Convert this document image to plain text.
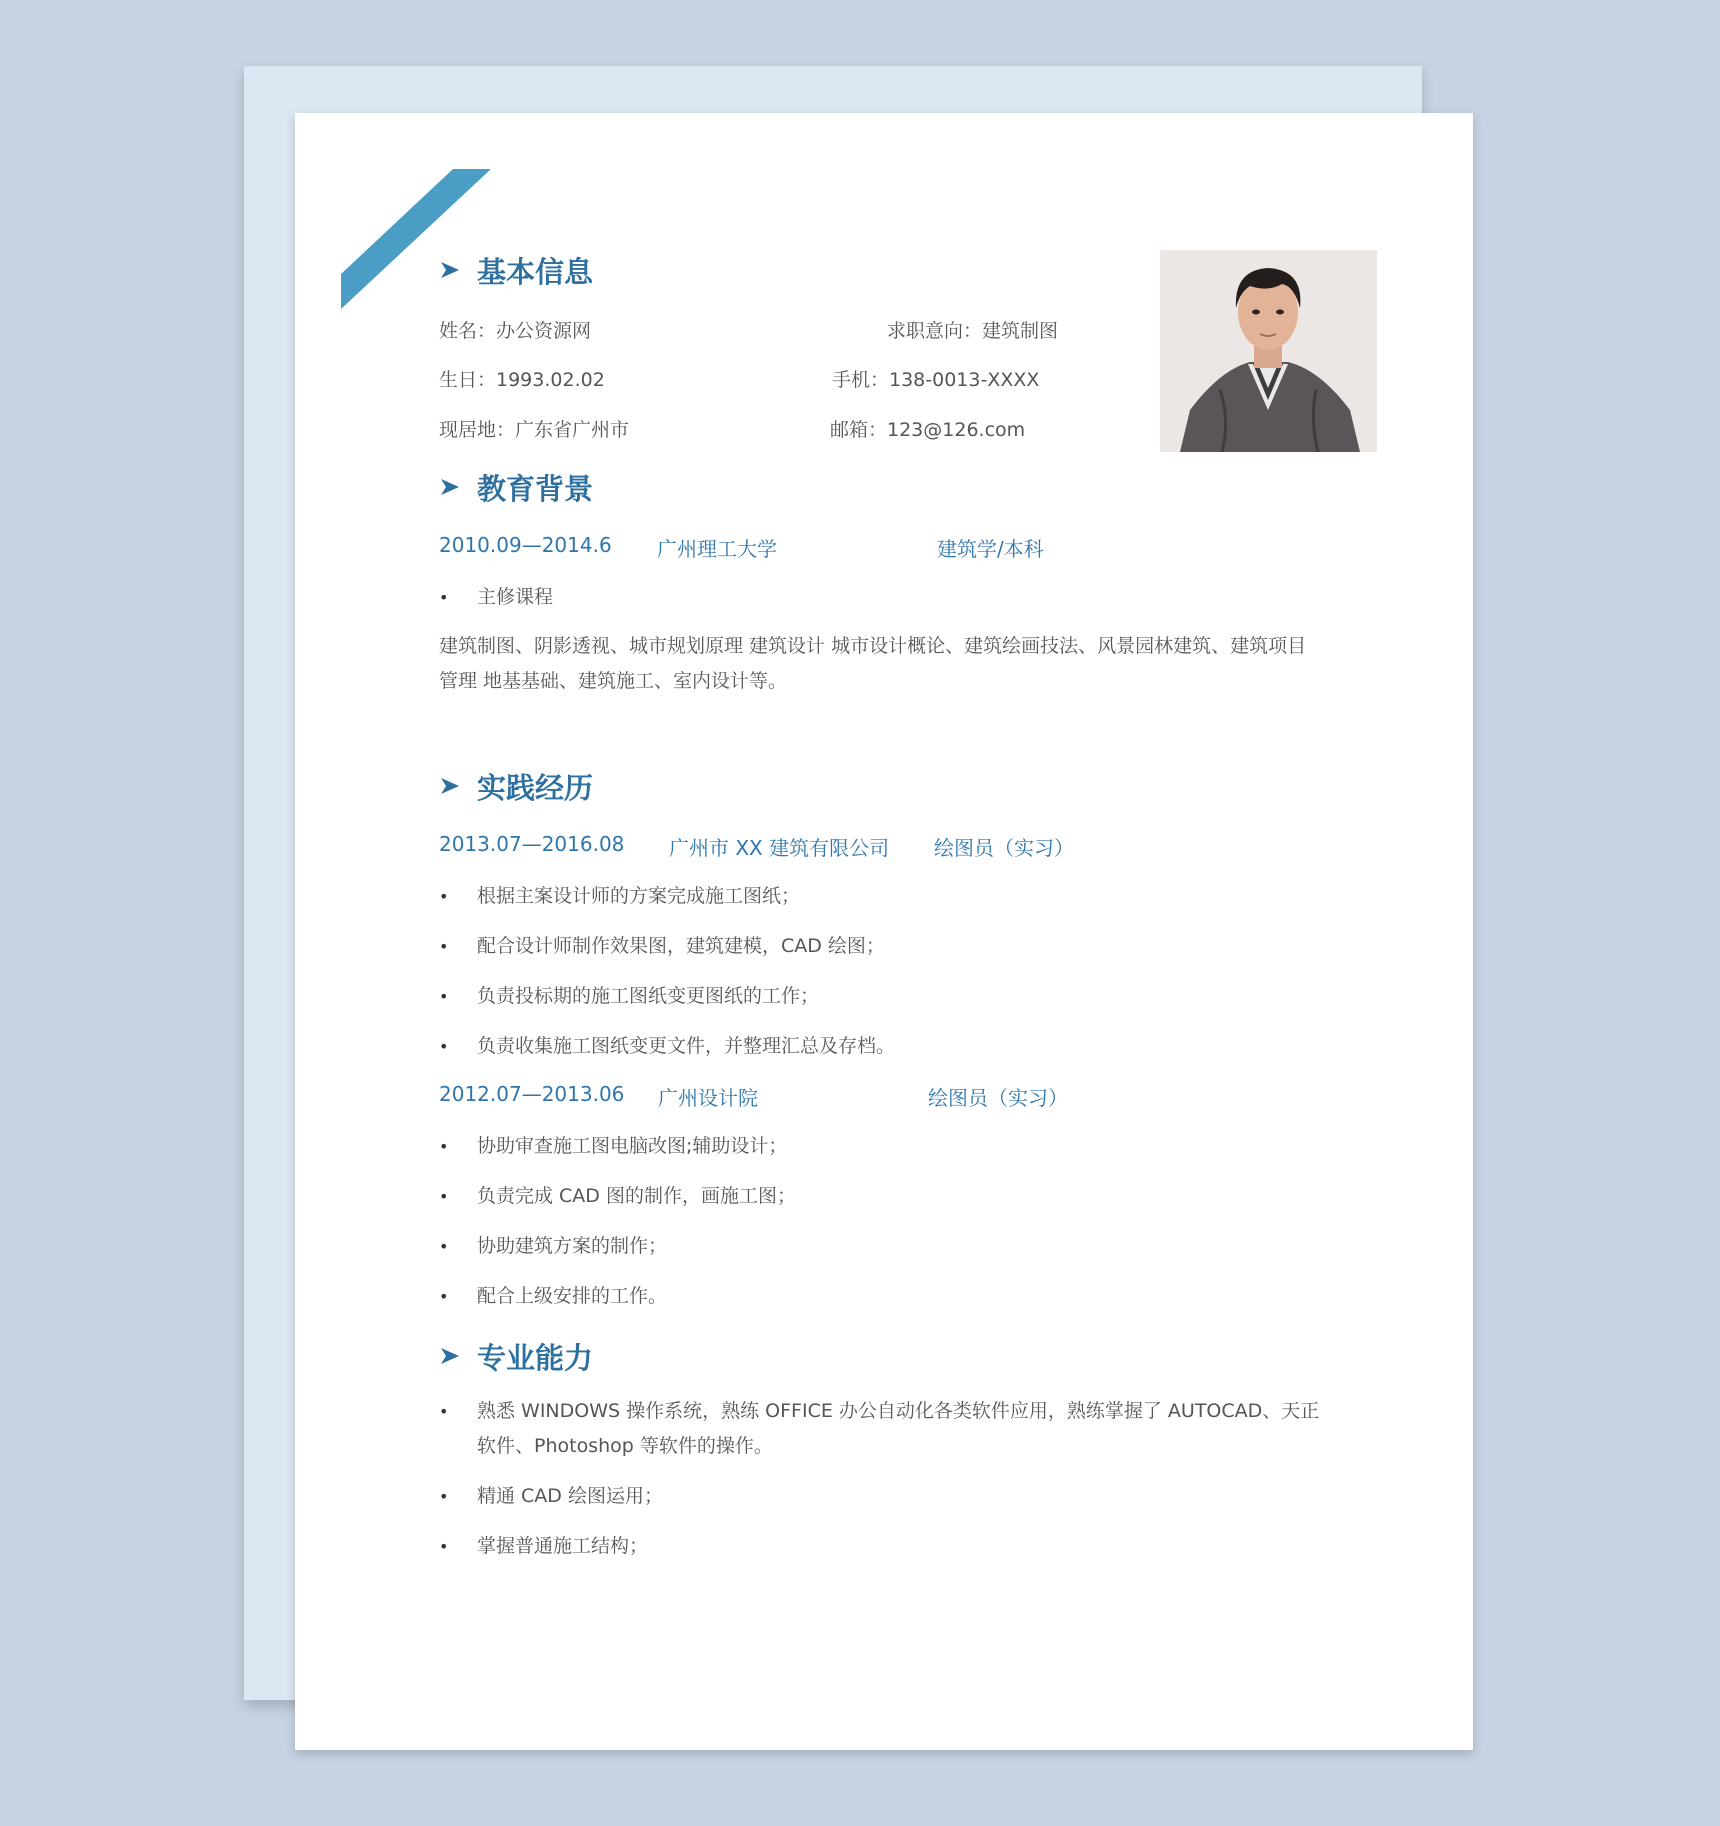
基本信息
姓名：办公资源网	求职意向：建筑制图
生日：1993.02.02	手机：138-0013-XXXX
现居地：广东省广州市	邮箱：123@126.com
教育背景
2010.09—2014.6 广州理工大学	建筑学/本科
•	主修课程
建筑制图、阴影透视、城市规划原理 建筑设计 城市设计概论、建筑绘画技法、风景园林建筑、建筑项目
管理 地基基础、建筑施工、室内设计等。
实践经历
2013.07—2016.08 广州市 XX 建筑有限公司 绘图员（实习）
•	根据主案设计师的方案完成施工图纸；
•	配合设计师制作效果图，建筑建模，CAD 绘图；
•	负责投标期的施工图纸变更图纸的工作；
•	负责收集施工图纸变更文件，并整理汇总及存档。
2012.07—2013.06 广州设计院	绘图员（实习）
•	协助审查施工图电脑改图;辅助设计；
•	负责完成 CAD 图的制作，画施工图；
•	协助建筑方案的制作；
•	配合上级安排的工作。
专业能力
•	熟悉 WINDOWS 操作系统，熟练 OFFICE 办公自动化各类软件应用，熟练掌握了 AUTOCAD、天正
软件、Photoshop 等软件的操作。
•	精通 CAD 绘图运用；
•	掌握普通施工结构；
